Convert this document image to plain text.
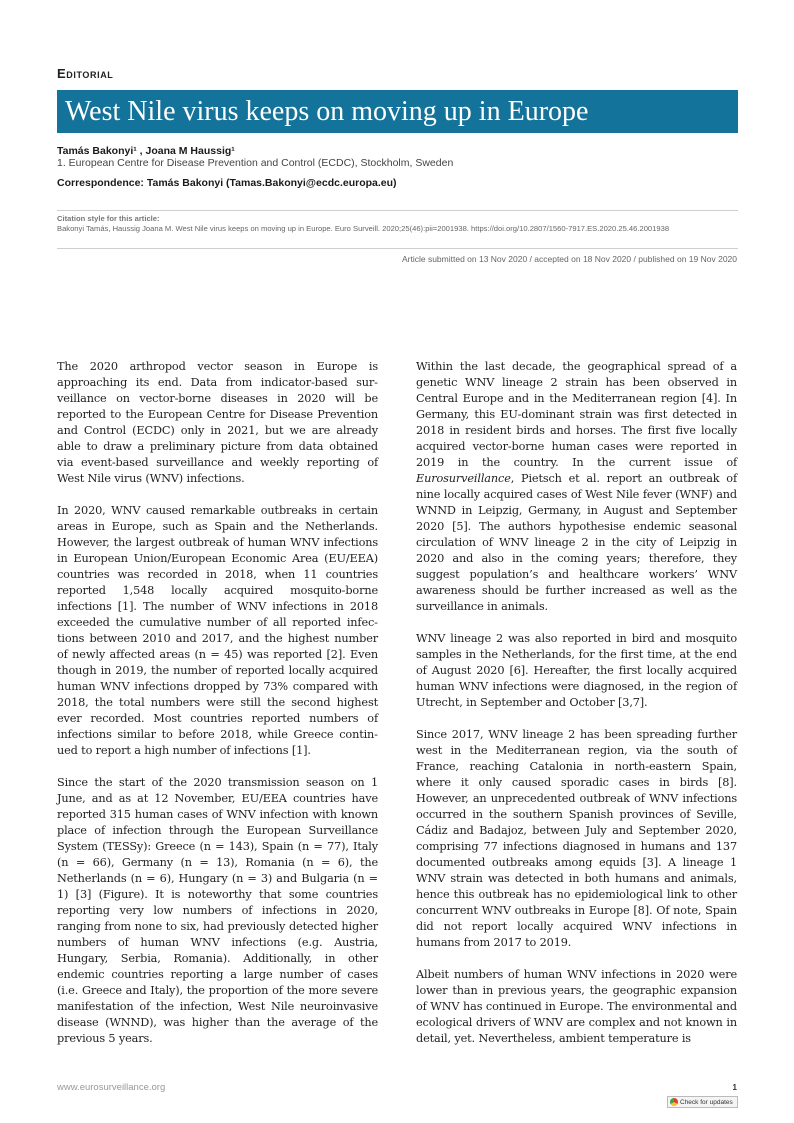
Editorial
West Nile virus keeps on moving up in Europe
Tamás Bakonyi¹ , Joana M Haussig¹
1. European Centre for Disease Prevention and Control (ECDC), Stockholm, Sweden
Correspondence: Tamás Bakonyi (Tamas.Bakonyi@ecdc.europa.eu)
Citation style for this article:
Bakonyi Tamás, Haussig Joana M. West Nile virus keeps on moving up in Europe. Euro Surveill. 2020;25(46):pii=2001938. https://doi.org/10.2807/1560-7917.ES.2020.25.46.2001938
Article submitted on 13 Nov 2020 / accepted on 18 Nov 2020 / published on 19 Nov 2020

The 2020 arthropod vector season in Europe is approaching its end. Data from indicator-based surveillance on vector-borne diseases in 2020 will be reported to the European Centre for Disease Prevention and Control (ECDC) only in 2021, but we are already able to draw a preliminary picture from data obtained via event-based surveillance and weekly reporting of West Nile virus (WNV) infections.

In 2020, WNV caused remarkable outbreaks in certain areas in Europe, such as Spain and the Netherlands. However, the largest outbreak of human WNV infections in European Union/European Economic Area (EU/EEA) countries was recorded in 2018, when 11 countries reported 1,548 locally acquired mosquito-borne infections [1]. The number of WNV infections in 2018 exceeded the cumulative number of all reported infections between 2010 and 2017, and the highest number of newly affected areas (n = 45) was reported [2]. Even though in 2019, the number of reported locally acquired human WNV infections dropped by 73% compared with 2018, the total numbers were still the second highest ever recorded. Most countries reported numbers of infections similar to before 2018, while Greece continued to report a high number of infections [1].

Since the start of the 2020 transmission season on 1 June, and as at 12 November, EU/EEA countries have reported 315 human cases of WNV infection with known place of infection through the European Surveillance System (TESSy): Greece (n = 143), Spain (n = 77), Italy (n = 66), Germany (n = 13), Romania (n = 6), the Netherlands (n = 6), Hungary (n = 3) and Bulgaria (n = 1) [3] (Figure). It is noteworthy that some countries reporting very low numbers of infections in 2020, ranging from none to six, had previously detected higher numbers of human WNV infections (e.g. Austria, Hungary, Serbia, Romania). Additionally, in other endemic countries reporting a large number of cases (i.e. Greece and Italy), the proportion of the more severe manifestation of the infection, West Nile neuroinvasive disease (WNND), was higher than the average of the previous 5 years.

Within the last decade, the geographical spread of a genetic WNV lineage 2 strain has been observed in Central Europe and in the Mediterranean region [4]. In Germany, this EU-dominant strain was first detected in 2018 in resident birds and horses. The first five locally acquired vector-borne human cases were reported in 2019 in the country. In the current issue of Eurosurveillance, Pietsch et al. report an outbreak of nine locally acquired cases of West Nile fever (WNF) and WNND in Leipzig, Germany, in August and September 2020 [5]. The authors hypothesise endemic seasonal circulation of WNV lineage 2 in the city of Leipzig in 2020 and also in the coming years; therefore, they suggest population’s and healthcare workers’ WNV awareness should be further increased as well as the surveillance in animals.

WNV lineage 2 was also reported in bird and mosquito samples in the Netherlands, for the first time, at the end of August 2020 [6]. Hereafter, the first locally acquired human WNV infections were diagnosed, in the region of Utrecht, in September and October [3,7].

Since 2017, WNV lineage 2 has been spreading further west in the Mediterranean region, via the south of France, reaching Catalonia in north-eastern Spain, where it only caused sporadic cases in birds [8]. However, an unprecedented outbreak of WNV infections occurred in the southern Spanish provinces of Seville, Cádiz and Badajoz, between July and September 2020, comprising 77 infections diagnosed in humans and 137 documented outbreaks among equids [3]. A lineage 1 WNV strain was detected in both humans and animals, hence this outbreak has no epidemiological link to other concurrent WNV outbreaks in Europe [8]. Of note, Spain did not report locally acquired WNV infections in humans from 2017 to 2019.

Albeit numbers of human WNV infections in 2020 were lower than in previous years, the geographic expansion of WNV has continued in Europe. The environmental and ecological drivers of WNV are complex and not known in detail, yet. Nevertheless, ambient temperature is

www.eurosurveillance.org	1
Check for updates
